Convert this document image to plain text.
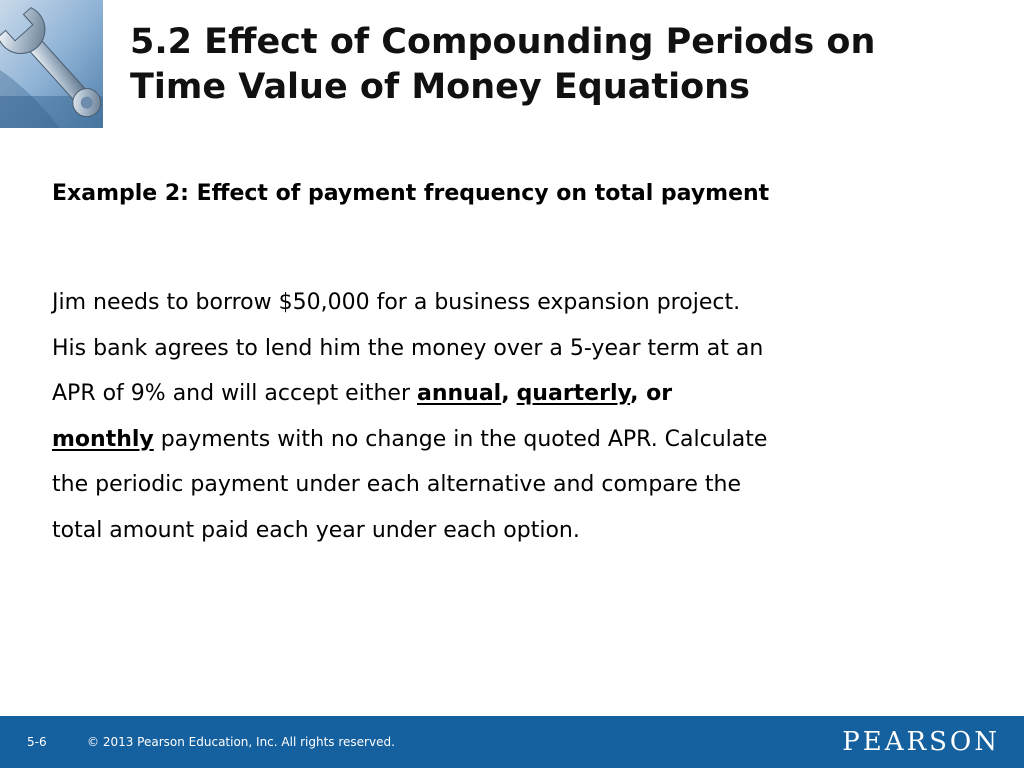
5.2 Effect of Compounding Periods on
Time Value of Money Equations
Example 2: Effect of payment frequency on total payment
Jim needs to borrow $50,000 for a business expansion project.
His bank agrees to lend him the money over a 5-year term at an
APR of 9% and will accept either annual, quarterly, or
monthly payments with no change in the quoted APR. Calculate
the periodic payment under each alternative and compare the
total amount paid each year under each option.
5-6	© 2013 Pearson Education, Inc. All rights reserved.	PEARSON
